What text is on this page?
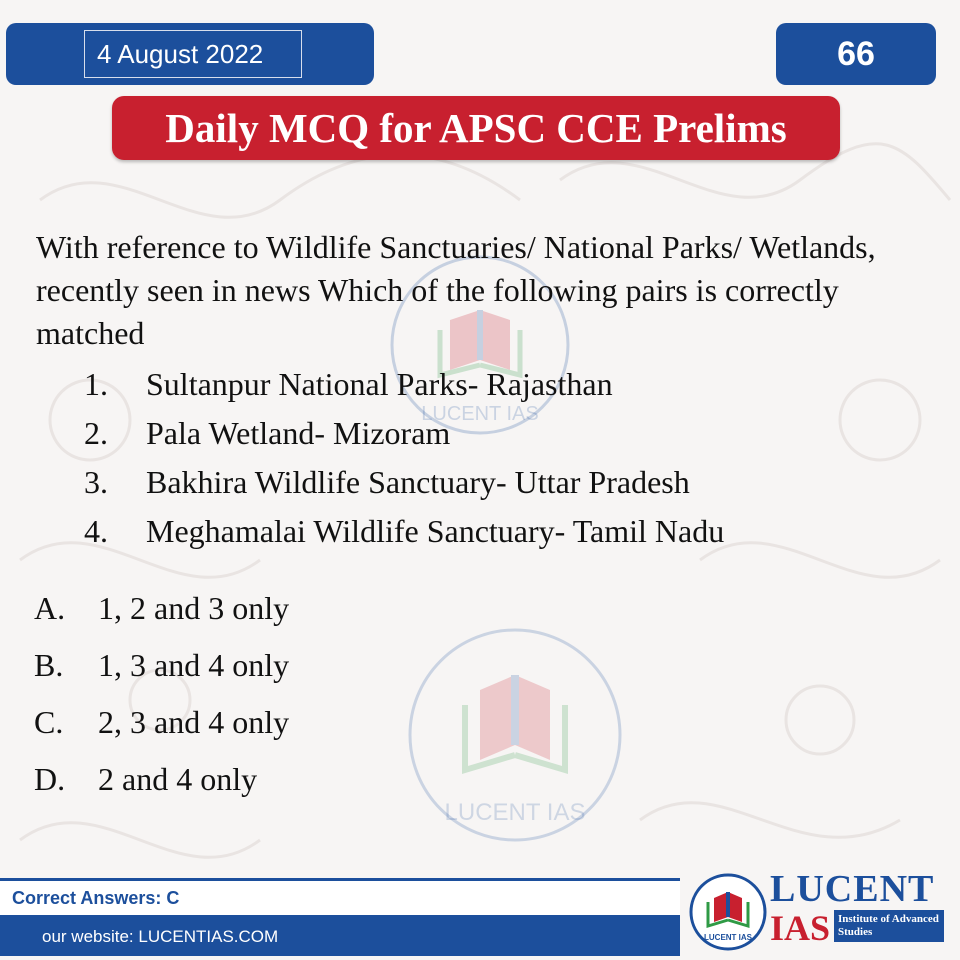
LUCENT IAS
LUCENT IAS
4 August 2022	66
Daily MCQ for APSC CCE Prelims
With reference to Wildlife Sanctuaries/ National Parks/ Wetlands, recently seen in news Which of the following pairs is correctly matched
1. Sultanpur National Parks- Rajasthan
2. Pala Wetland- Mizoram
3. Bakhira Wildlife Sanctuary- Uttar Pradesh
4. Meghamalai Wildlife Sanctuary- Tamil Nadu
A. 1, 2 and 3 only
B. 1, 3 and 4 only
C. 2, 3 and 4 only
D. 2 and 4 only
Correct Answers: C
our website: LUCENTIAS.COM	LUCENT IAS
LUCENT
IAS Institute of Advanced Studies
